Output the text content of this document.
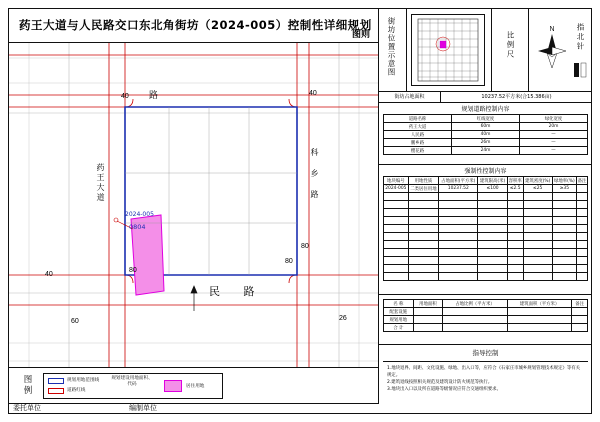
药王大道与人民路交口东北角街坊（2024-005）控制性详细规划
图则
药王大道	科 乡 路
民 路
路
2024-005
0804
40
40
80
80
80
60	26
40
图
例
规划用地范围线
道路红线
规划建设用地面积、代码	居住用地
委托单位	编制单位
街坊位置示意图	比例尺
N	指北针
街坊占地面积	10237.52平方米(合15.386亩)
规划道路控制内容
道路名称	红线宽度	绿化宽度
药王大道	60m	20m
人民路	40m	—
鹏乡路	26m	—
樱花路	24m	—
强制性控制内容
地块编号	用地性质	占地面积(平方米)	建筑限高(米)	容积率	建筑密度(%)	绿地率(%)	备注
2024-005	二类居住用地	10237.52	≤100	≤2.5	≤25	≥35	

名 称	用地面积	占地比例（平方米）	建筑面积（平方米）	备注
配套设施				
规划用地				
合 计				
指导控制
1.地块退界、间距、文化设施、绿地、出入口等，应符合《石家庄市城乡规划管理技术规定》等有关规定。
2.建筑退线按照相关规范及建筑设计防火规范等执行。
3.地块出入口以及所在道路等级情况应符合交通组织要求。
